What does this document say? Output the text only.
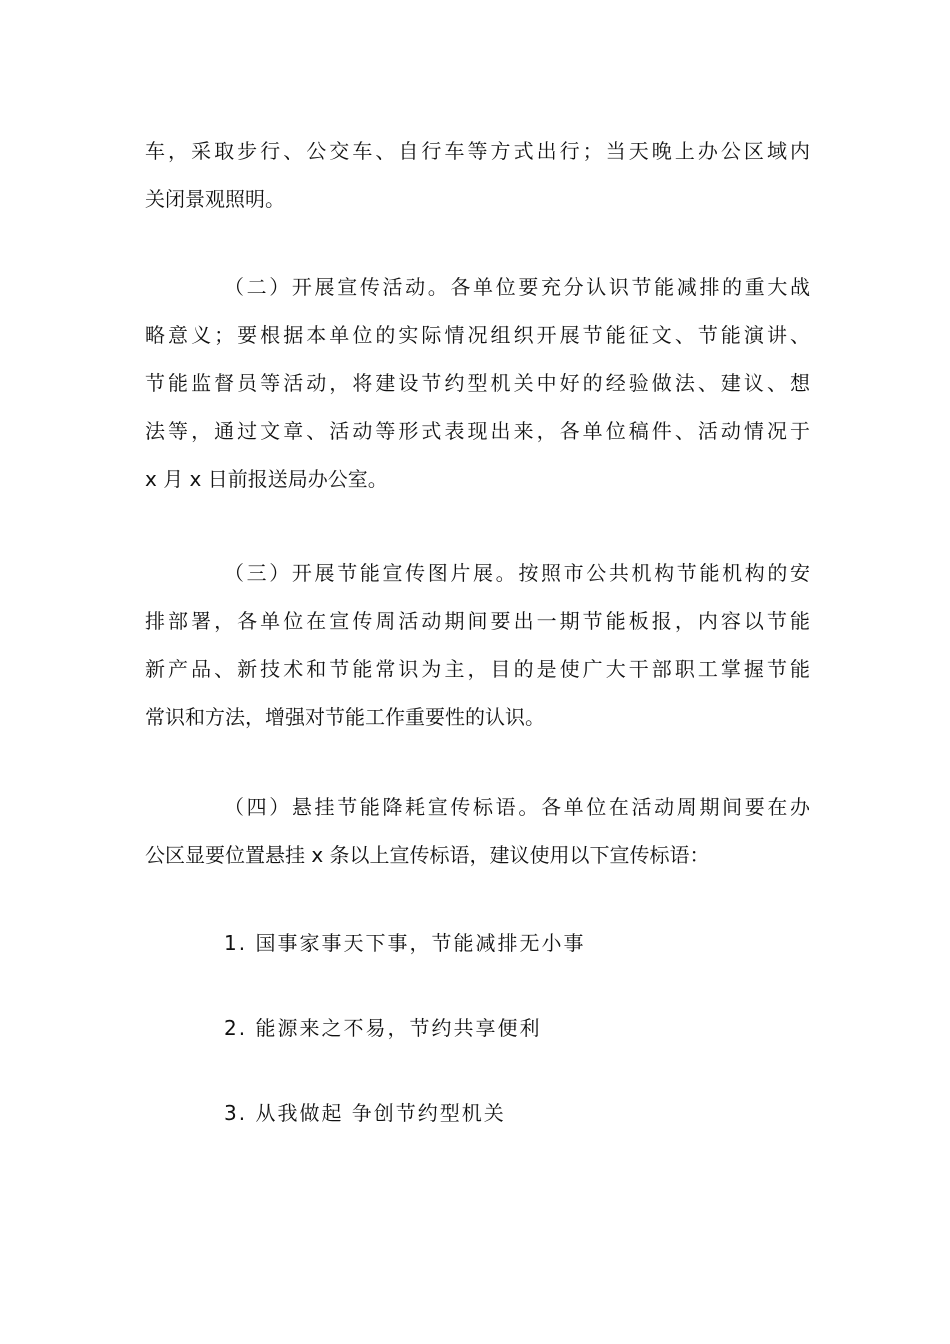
车，采取步行、公交车、自行车等方式出行；当天晚上办公区域内
关闭景观照明。
（二）开展宣传活动。各单位要充分认识节能减排的重大战
略意义；要根据本单位的实际情况组织开展节能征文、节能演讲、
节能监督员等活动，将建设节约型机关中好的经验做法、建议、想
法等，通过文章、活动等形式表现出来，各单位稿件、活动情况于
x 月 x 日前报送局办公室。
（三）开展节能宣传图片展。按照市公共机构节能机构的安
排部署，各单位在宣传周活动期间要出一期节能板报，内容以节能
新产品、新技术和节能常识为主，目的是使广大干部职工掌握节能
常识和方法，增强对节能工作重要性的认识。
（四）悬挂节能降耗宣传标语。各单位在活动周期间要在办
公区显要位置悬挂 x 条以上宣传标语，建议使用以下宣传标语：
1. 国事家事天下事，节能减排无小事
2. 能源来之不易，节约共享便利
3. 从我做起 争创节约型机关
